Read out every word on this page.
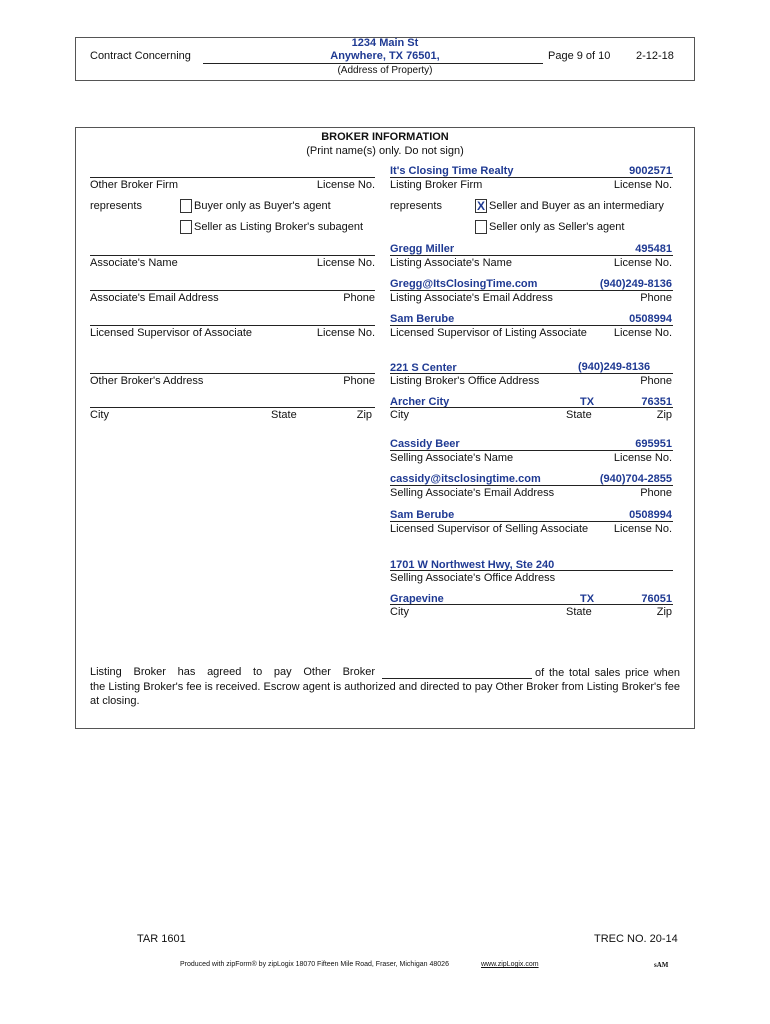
Contract Concerning
1234 Main St
Anywhere, TX 76501,
(Address of Property)
Page 9 of 10 2-12-18
BROKER INFORMATION
(Print name(s) only. Do not sign)
Other Broker Firm	License No.
represents	Buyer only as Buyer's agent
Seller as Listing Broker's subagent
Associate's Name	License No.
Associate's Email Address	Phone
Licensed Supervisor of Associate	License No.
Other Broker's Address	Phone
City	State	Zip
It's Closing Time Realty	9002571
Listing Broker Firm	License No.
represents	X Seller and Buyer as an intermediary
Seller only as Seller's agent
Gregg Miller	495481
Listing Associate's Name	License No.
Gregg@ItsClosingTime.com	(940)249-8136
Listing Associate's Email Address	Phone
Sam Berube	0508994
Licensed Supervisor of Listing Associate	License No.
221 S Center	(940)249-8136
Listing Broker's Office Address	Phone
Archer City	TX	76351
City	State	Zip
Cassidy Beer	695951
Selling Associate's Name	License No.
cassidy@itsclosingtime.com	(940)704-2855
Selling Associate's Email Address	Phone
Sam Berube	0508994
Licensed Supervisor of Selling Associate	License No.
1701 W Northwest Hwy, Ste 240
Selling Associate's Office Address
Grapevine	TX	76051
City	State	Zip
Listing Broker has agreed to pay Other Broker	of the total sales price when the Listing Broker's fee is received. Escrow agent is authorized and directed to pay Other Broker from Listing Broker's fee at closing.
TAR 1601	TREC NO. 20-14
Produced with zipForm® by zipLogix 18070 Fifteen Mile Road, Fraser, Michigan 48026	www.zipLogix.com	sAM
